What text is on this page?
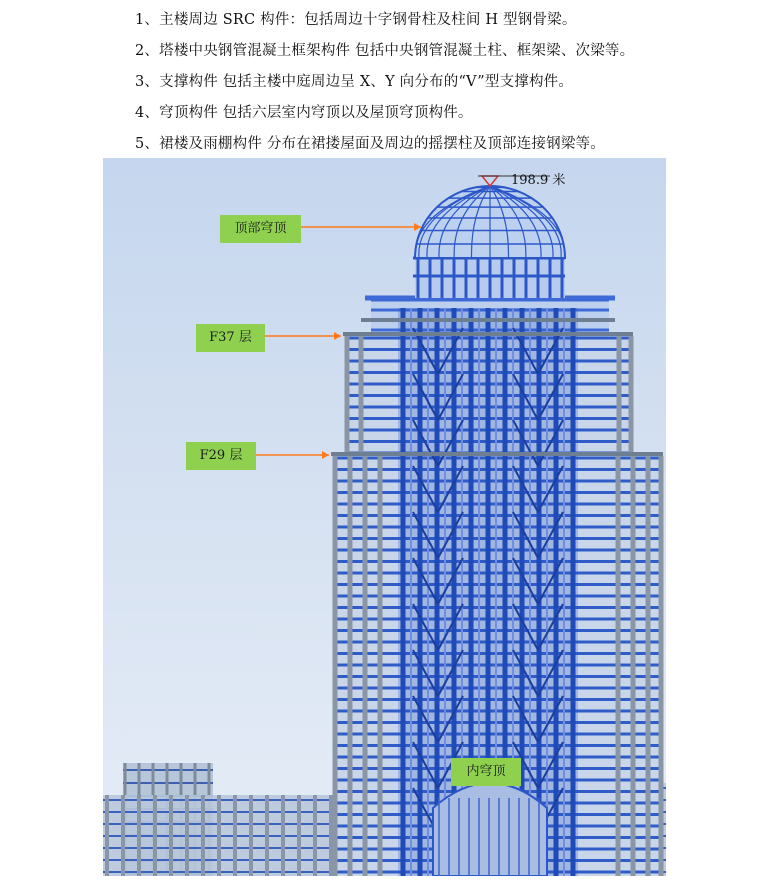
1、主楼周边 SRC 构件：包括周边十字钢骨柱及柱间 H 型钢骨梁。
2、塔楼中央钢管混凝土框架构件 包括中央钢管混凝土柱、框架梁、次梁等。
3、支撑构件 包括主楼中庭周边呈 X、Y 向分布的“V”型支撑构件。
4、穹顶构件 包括六层室内穹顶以及屋顶穹顶构件。
5、裙楼及雨棚构件 分布在裙搂屋面及周边的摇摆柱及顶部连接钢梁等。
198.9 米
顶部穹顶
F37 层
F29 层
内穹顶
